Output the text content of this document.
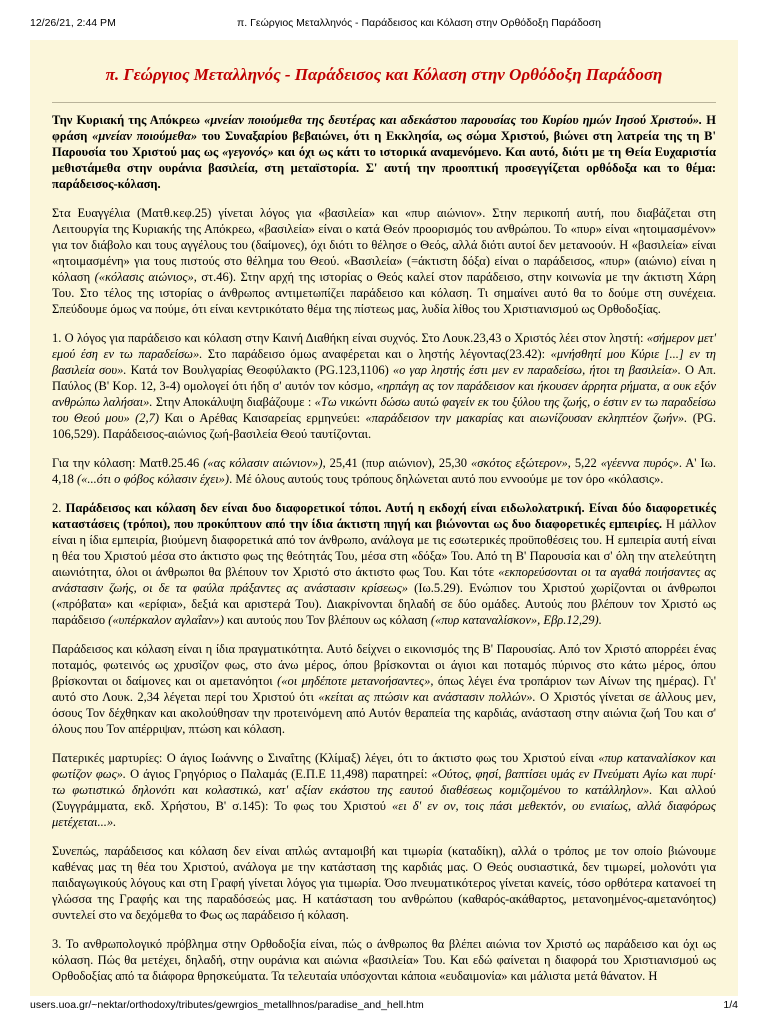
12/26/21, 2:44 PM	π. Γεώργιος Μεταλληνός - Παράδεισος και Κόλαση στην Ορθόδοξη Παράδοση
π. Γεώργιος Μεταλληνός - Παράδεισος και Κόλαση στην Ορθόδοξη Παράδοση

Την Κυριακή της Απόκρεω «μνείαν ποιούμεθα της δευτέρας και αδεκάστου παρουσίας του Κυρίου ημών Ιησού Χριστού». Η φράση «μνείαν ποιούμεθα» του Συναξαρίου βεβαιώνει, ότι η Εκκλησία, ως σώμα Χριστού, βιώνει στη λατρεία της τη Β' Παρουσία του Χριστού μας ως «γεγονός» και όχι ως κάτι το ιστορικά αναμενόμενο. Και αυτό, διότι με τη Θεία Ευχαριστία μεθιστάμεθα στην ουράνια βασιλεία, στη μεταϊστορία. Σ' αυτή την προοπτική προσεγγίζεται ορθόδοξα και το θέμα: παράδεισος-κόλαση.

Στα Ευαγγέλια (Ματθ.κεφ.25) γίνεται λόγος για «βασιλεία» και «πυρ αιώνιον». Στην περικοπή αυτή, που διαβάζεται στη Λειτουργία της Κυριακής της Απόκρεω, «βασιλεία» είναι ο κατά Θεόν προορισμός του ανθρώπου. Το «πυρ» είναι «ητοιμασμένον» για τον διάβολο και τους αγγέλους του (δαίμονες), όχι διότι το θέλησε ο Θεός, αλλά διότι αυτοί δεν μετανοούν. Η «βασιλεία» είναι «ητοιμασμένη» για τους πιστούς στο θέλημα του Θεού. «Βασιλεία» (=άκτιστη δόξα) είναι ο παράδεισος, «πυρ» (αιώνιο) είναι η κόλαση («κόλασις αιώνιος», στ.46). Στην αρχή της ιστορίας ο Θεός καλεί στον παράδεισο, στην κοινωνία με την άκτιστη Χάρη Του. Στο τέλος της ιστορίας ο άνθρωπος αντιμετωπίζει παράδεισο και κόλαση. Τι σημαίνει αυτό θα το δούμε στη συνέχεια. Σπεύδουμε όμως να πούμε, ότι είναι κεντρικότατο θέμα της πίστεως μας, λυδία λίθος του Χριστιανισμού ως Ορθοδοξίας.

1. Ο λόγος για παράδεισο και κόλαση στην Καινή Διαθήκη είναι συχνός. Στο Λουκ.23,43 ο Χριστός λέει στον ληστή: «σήμερον μετ' εμού έση εν τω παραδείσω». Στο παράδεισο όμως αναφέρεται και ο ληστής λέγοντας(23.42): «μνήσθητί μου Κύριε [...] εν τη βασιλεία σου». Κατά τον Βουλγαρίας Θεοφύλακτο (PG.123,1106) «ο γαρ ληστής έστι μεν εν παραδείσω, ήτοι τη βασιλεία». Ο Απ. Παύλος (Β' Κορ. 12, 3-4) ομολογεί ότι ήδη σ' αυτόν τον κόσμο, «ηρπάγη ας τον παράδεισον και ήκουσεν άρρητα ρήματα, α ουκ εξόν ανθρώπω λαλήσαι». Στην Αποκάλυψη διαβάζουμε : «Τω νικώντι δώσω αυτώ φαγείν εκ του ξύλου της ζωής, ο έστιν εν τω παραδείσω του Θεού μου» (2,7) Και ο Αρέθας Καισαρείας ερμηνεύει: «παράδεισον την μακαρίας και αιωνίζουσαν εκληπτέον ζωήν». (PG. 106,529). Παράδεισος-αιώνιος ζωή-βασιλεία Θεού ταυτίζονται.

Για την κόλαση: Ματθ.25.46 («ας κόλασιν αιώνιον»), 25,41 (πυρ αιώνιον), 25,30 «σκότος εξώτερον», 5,22 «γέεννα πυρός». Α' Ιω. 4,18 («...ότι ο φόβος κόλασιν έχει»). Μέ όλους αυτούς τους τρόπους δηλώνεται αυτό που εννοούμε με τον όρο «κόλασις».

2. Παράδεισος και κόλαση δεν είναι δυο διαφορετικοί τόποι. Αυτή η εκδοχή είναι ειδωλολατρική. Είναι δύο διαφορετικές καταστάσεις (τρόποι), που προκύπτουν από την ίδια άκτιστη πηγή και βιώνονται ως δυο διαφορετικές εμπειρίες. Η μάλλον είναι η ίδια εμπειρία, βιούμενη διαφορετικά από τον άνθρωπο, ανάλογα με τις εσωτερικές προϋποθέσεις του. Η εμπειρία αυτή είναι η θέα του Χριστού μέσα στο άκτιστο φως της θεότητάς Του, μέσα στη «δόξα» Του. Από τη Β' Παρουσία και σ' όλη την ατελεύτητη αιωνιότητα, όλοι οι άνθρωποι θα βλέπουν τον Χριστό στο άκτιστο φως Του. Και τότε «εκπορεύσονται οι τα αγαθά ποιήσαντες ας ανάστασιν ζωής, οι δε τα φαύλα πράξαντες ας ανάστασιν κρίσεως» (Ιω.5.29). Ενώπιον του Χριστού χωρίζονται οι άνθρωποι («πρόβατα» και «ερίφια», δεξιά και αριστερά Του). Διακρίνονται δηλαδή σε δύο ομάδες. Αυτούς που βλέπουν τον Χριστό ως παράδεισο («υπέρκαλον αγλαΐαν») και αυτούς που Τον βλέπουν ως κόλαση («πυρ καταναλίσκον», Εβρ.12,29).

Παράδεισος και κόλαση είναι η ίδια πραγματικότητα. Αυτό δείχνει ο εικονισμός της Β' Παρουσίας. Από τον Χριστό απορρέει ένας ποταμός, φωτεινός ως χρυσίζον φως, στο άνω μέρος, όπου βρίσκονται οι άγιοι και ποταμός πύρινος στο κάτω μέρος, όπου βρίσκονται οι δαίμονες και οι αμετανόητοι («οι μηδέποτε μετανοήσαντες», όπως λέγει ένα τροπάριον των Αίνων της ημέρας). Γι' αυτό στο Λουκ. 2,34 λέγεται περί του Χριστού ότι «κείται ας πτώσιν και ανάστασιν πολλών». Ο Χριστός γίνεται σε άλλους μεν, όσους Τον δέχθηκαν και ακολούθησαν την προτεινόμενη από Αυτόν θεραπεία της καρδιάς, ανάσταση στην αιώνια ζωή Του και σ' όλους που Τον απέρριψαν, πτώση και κόλαση.

Πατερικές μαρτυρίες: Ο άγιος Ιωάννης ο Σιναΐτης (Κλίμαξ) λέγει, ότι το άκτιστο φως του Χριστού είναι «πυρ καταναλίσκον και φωτίζον φως». Ο άγιος Γρηγόριος ο Παλαμάς (Ε.Π.Ε 11,498) παρατηρεί: «Ούτος, φησί, βαπτίσει υμάς εν Πνεύματι Αγίω και πυρί· τω φωτιστικώ δηλονότι και κολαστικώ, κατ' αξίαν εκάστου της εαυτού διαθέσεως κομιζομένου το κατάλληλον». Και αλλού (Συγγράμματα, εκδ. Χρήστου, Β' σ.145): Το φως του Χριστού «ει δ' εν ον, τοις πάσι μεθεκτόν, ου ενιαίως, αλλά διαφόρως μετέχεται...».

Συνεπώς, παράδεισος και κόλαση δεν είναι απλώς ανταμοιβή και τιμωρία (καταδίκη), αλλά ο τρόπος με τον οποίο βιώνουμε καθένας μας τη θέα του Χριστού, ανάλογα με την κατάσταση της καρδιάς μας. Ο Θεός ουσιαστικά, δεν τιμωρεί, μολονότι για παιδαγωγικούς λόγους και στη Γραφή γίνεται λόγος για τιμωρία. Όσο πνευματικότερος γίνεται κανείς, τόσο ορθότερα κατανοεί τη γλώσσα της Γραφής και της παραδόσεώς μας. Η κατάσταση του ανθρώπου (καθαρός-ακάθαρτος, μετανοημένος-αμετανόητος) συντελεί στο να δεχόμεθα το Φως ως παράδεισο ή κόλαση.

3. Το ανθρωπολογικό πρόβλημα στην Ορθοδοξία είναι, πώς ο άνθρωπος θα βλέπει αιώνια τον Χριστό ως παράδεισο και όχι ως κόλαση. Πώς θα μετέχει, δηλαδή, στην ουράνια και αιώνια «βασιλεία» Του. Και εδώ φαίνεται η διαφορά του Χριστιανισμού ως Ορθοδοξίας από τα διάφορα θρησκεύματα. Τα τελευταία υπόσχονται κάποια «ευδαιμονία» και μάλιστα μετά θάνατον. Η

users.uoa.gr/~nektar/orthodoxy/tributes/gewrgios_metallhnos/paradise_and_hell.htm	1/4
